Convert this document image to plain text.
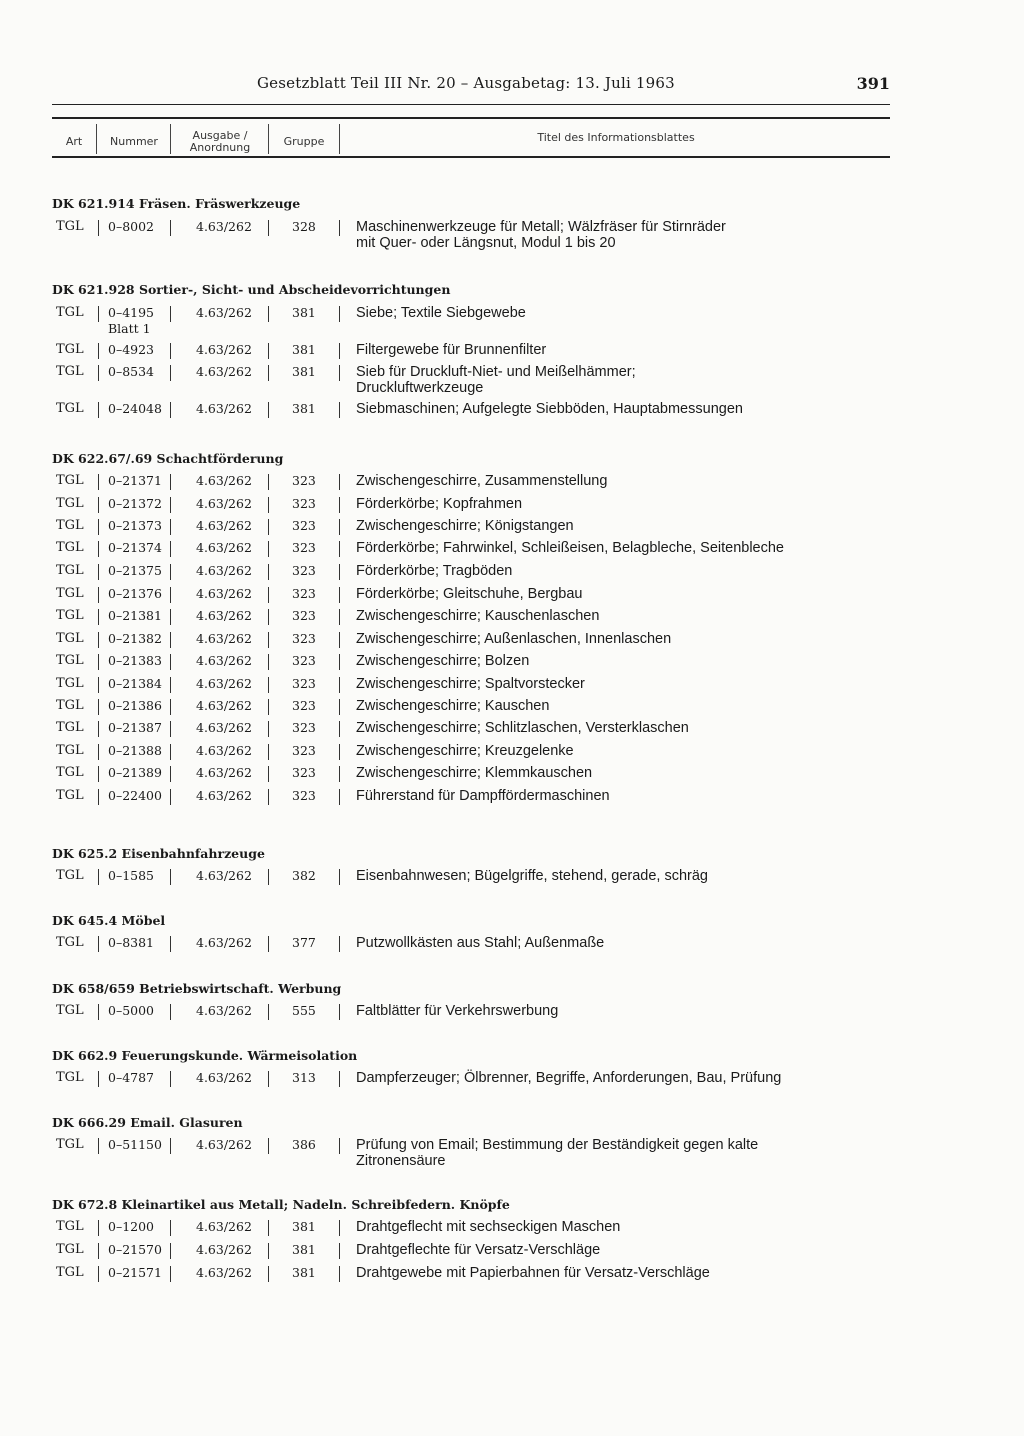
Gesetzblatt Teil III Nr. 20 – Ausgabetag: 13. Juli 1963	391
Art	Nummer	Ausgabe /
Anordnung	Gruppe	Titel des Informationsblattes
DK 621.914 Fräsen. Fräswerkzeuge
TGL 0–8002	4.63/262	328	Maschinenwerkzeuge für Metall; Wälzfräser für Stirnräder
mit Quer- oder Längsnut, Modul 1 bis 20
DK 621.928 Sortier-, Sicht- und Abscheidevorrichtungen
TGL 0–4195	4.63/262	381	Siebe; Textile Siebgewebe
Blatt 1
TGL 0–4923	4.63/262	381	Filtergewebe für Brunnenfilter
TGL 0–8534	4.63/262	381	Sieb für Druckluft-Niet- und Meißelhämmer;
Druckluftwerkzeuge
TGL 0–24048	4.63/262	381	Siebmaschinen; Aufgelegte Siebböden, Hauptabmessungen
DK 622.67/.69 Schachtförderung
TGL 0–21371	4.63/262	323	Zwischengeschirre, Zusammenstellung
TGL 0–21372	4.63/262	323	Förderkörbe; Kopfrahmen
TGL 0–21373	4.63/262	323	Zwischengeschirre; Königstangen
TGL 0–21374	4.63/262	323	Förderkörbe; Fahrwinkel, Schleißeisen, Belagbleche, Seitenbleche
TGL 0–21375	4.63/262	323	Förderkörbe; Tragböden
TGL 0–21376	4.63/262	323	Förderkörbe; Gleitschuhe, Bergbau
TGL 0–21381	4.63/262	323	Zwischengeschirre; Kauschenlaschen
TGL 0–21382	4.63/262	323	Zwischengeschirre; Außenlaschen, Innenlaschen
TGL 0–21383	4.63/262	323	Zwischengeschirre; Bolzen
TGL 0–21384	4.63/262	323	Zwischengeschirre; Spaltvorstecker
TGL 0–21386	4.63/262	323	Zwischengeschirre; Kauschen
TGL 0–21387	4.63/262	323	Zwischengeschirre; Schlitzlaschen, Versterklaschen
TGL 0–21388	4.63/262	323	Zwischengeschirre; Kreuzgelenke
TGL 0–21389	4.63/262	323	Zwischengeschirre; Klemmkauschen
TGL 0–22400	4.63/262	323	Führerstand für Dampffördermaschinen
DK 625.2 Eisenbahnfahrzeuge
TGL 0–1585	4.63/262	382	Eisenbahnwesen; Bügelgriffe, stehend, gerade, schräg
DK 645.4 Möbel
TGL 0–8381	4.63/262	377	Putzwollkästen aus Stahl; Außenmaße
DK 658/659 Betriebswirtschaft. Werbung
TGL 0–5000	4.63/262	555	Faltblätter für Verkehrswerbung
DK 662.9 Feuerungskunde. Wärmeisolation
TGL 0–4787	4.63/262	313	Dampferzeuger; Ölbrenner, Begriffe, Anforderungen, Bau, Prüfung
DK 666.29 Email. Glasuren
TGL 0–51150	4.63/262	386	Prüfung von Email; Bestimmung der Beständigkeit gegen kalte
Zitronensäure
DK 672.8 Kleinartikel aus Metall; Nadeln. Schreibfedern. Knöpfe
TGL 0–1200	4.63/262	381	Drahtgeflecht mit sechseckigen Maschen
TGL 0–21570	4.63/262	381	Drahtgeflechte für Versatz-Verschläge
TGL 0–21571	4.63/262	381	Drahtgewebe mit Papierbahnen für Versatz-Verschläge
